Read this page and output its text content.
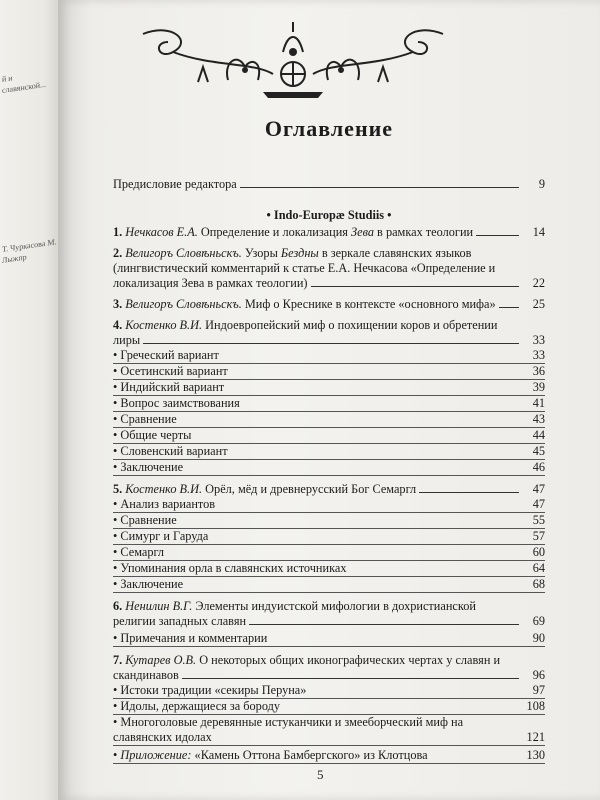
й и славянской...
Т. Чуркасова М. Лыжпр
Оглавление
Предисловие редактора	9
• Indo-Europæ Studiis •
1. Нечкасов Е.А. Определение и локализация Зева в рамках теологии	14
2. Велигоръ Словѣньскъ. Узоры Бездны в зеркале славянских языков (лингвистический комментарий к статье Е.А. Нечкасова «Определение и локализация Зева в рамках теологии)	22
3. Велигоръ Словѣньскъ. Миф о Креснике в контексте «основного мифа»	25
4. Костенко В.И. Индоевропейский миф о похищении коров и обретении лиры	33
• Греческий вариант	33
• Осетинский вариант	36
• Индийский вариант	39
• Вопрос заимствования	41
• Сравнение	43
• Общие черты	44
• Словенский вариант	45
• Заключение	46
5. Костенко В.И. Орёл, мёд и древнерусский Бог Семаргл	47
• Анализ вариантов	47
• Сравнение	55
• Симург и Гаруда	57
• Семаргл	60
• Упоминания орла в славянских источниках	64
• Заключение	68
6. Ненилин В.Г. Элементы индуистской мифологии в дохристианской религии западных славян	69
• Примечания и комментарии	90
7. Кутарев О.В. О некоторых общих иконографических чертах у славян и скандинавов	96
• Истоки традиции «секиры Перуна»	97
• Идолы, держащиеся за бороду	108
• Многоголовые деревянные истуканчики и змееборческий миф на славянских идолах	121
• Приложение: «Камень Оттона Бамбергского» из Клотцова	130
5
